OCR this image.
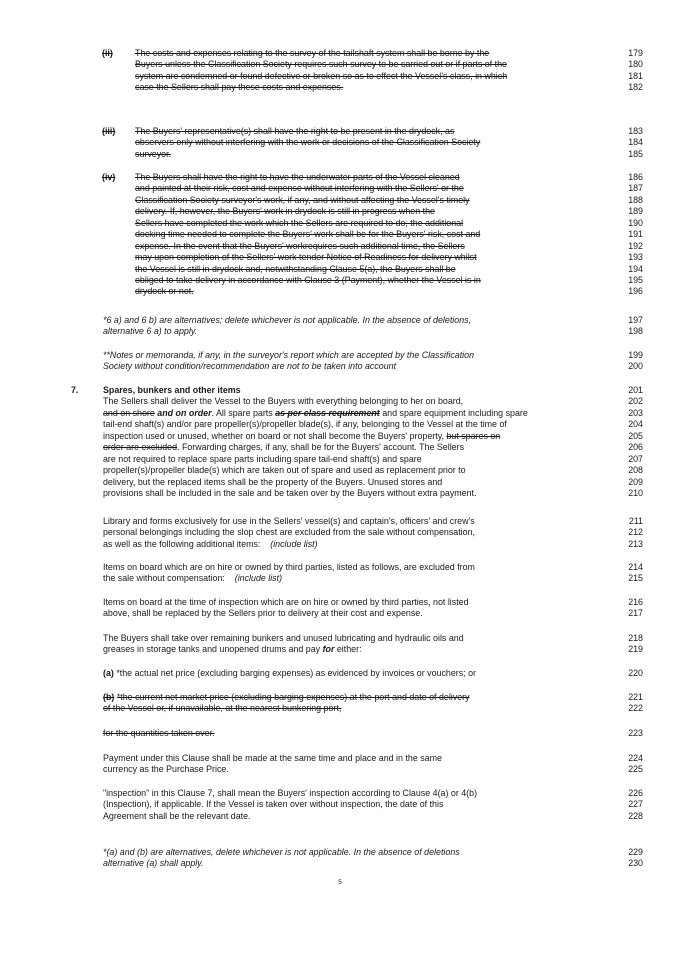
(ii) The costs and expenses relating to the survey of the tailshaft system shall be borne by the	179
Buyers unless the Classification Society requires such survey to be carried out or if parts of the	180
system are condemned or found defective or broken so as to effect the Vessel’s class, in which	181
case the Sellers shall pay these costs and expenses.	182
(iii) The Buyers' representative(s) shall have the right to be present in the drydock, as	183
observers only without interfering with the work or decisions of the Classification Society	184
surveyor.	185
(iv) The Buyers shall have the right to have the underwater parts of the Vessel cleaned	186
and painted at their risk, cost and expense without interfering with the Sellers' or the	187
Classification Society surveyor's work, if any, and without affecting the Vessel's timely	188
delivery. If, however, the Buyers' work in drydock is still in progress when the	189
Sellers have completed the work which the Sellers are required to do, the additional	190
docking time needed to complete the Buyers' work shall be for the Buyers' risk, cost and	191
expense. In the event that the Buyers' workrequires such additional time, the Sellers	192
may upon completion of the Sellers' work tender Notice of Readiness for delivery whilst	193
the Vessel is still in drydock and, notwithstanding Clause 5(a), the Buyers shall be	194
obliged to take delivery in accordance with Clause 3 (Payment), whether the Vessel is in	195
drydock or not.	196
*6 a) and 6 b) are alternatives; delete whichever is not applicable. In the absence of deletions,	197
alternative 6 a) to apply.	198
**Notes or memoranda, if any, in the surveyor's report which are accepted by the Classification	199
Society without condition/recommendation are not to be taken into account	200
7.	Spares, bunkers and other items	201
The Sellers shall deliver the Vessel to the Buyers with everything belonging to her on board,	202
and on shore and on order. All spare parts as per class requirement and spare equipment including spare	203
tail-end shaft(s) and/or pare propeller(s)/propeller blade(s), if any, belonging to the Vessel at the time of	204
inspection used or unused, whether on board or not shall become the Buyers' property, but spares on	205
order are excluded. Forwarding charges, if any, shall be for the Buyers' account. The Sellers	206
are not required to replace spare parts including spare tail-end shaft(s) and spare	207
propeller(s)/propeller blade(s) which are taken out of spare and used as replacement prior to	208
delivery, but the replaced items shall be the property of the Buyers. Unused stores and	209
provisions shall be included in the sale and be taken over by the Buyers without extra payment.	210
Library and forms exclusively for use in the Sellers' vessel(s) and captain's, officers' and crew's	211
personal belongings including the slop chest are excluded from the sale without compensation,	212
as well as the following additional items: (include list)	213
Items on board which are on hire or owned by third parties, listed as follows, are excluded from	214
the sale without compensation: (include list)	215
Items on board at the time of inspection which are on hire or owned by third parties, not listed	216
above, shall be replaced by the Sellers prior to delivery at their cost and expense.	217
The Buyers shall take over remaining bunkers and unused lubricating and hydraulic oils and	218
greases in storage tanks and unopened drums and pay for either:	219
(a) *the actual net price (excluding barging expenses) as evidenced by invoices or vouchers; or	220
(b) *the current net market price (excluding barging expenses) at the port and date of delivery	221
of the Vessel or, if unavailable, at the nearest bunkering port,	222
for the quantities taken over.	223
Payment under this Clause shall be made at the same time and place and in the same	224
currency as the Purchase Price.	225
"inspection" in this Clause 7, shall mean the Buyers' inspection according to Clause 4(a) or 4(b)	226
(Inspection), if applicable. If the Vessel is taken over without inspection, the date of this	227
Agreement shall be the relevant date.	228
*(a) and (b) are alternatives, delete whichever is not applicable. In the absence of deletions	229
alternative (a) shall apply.	230
5
